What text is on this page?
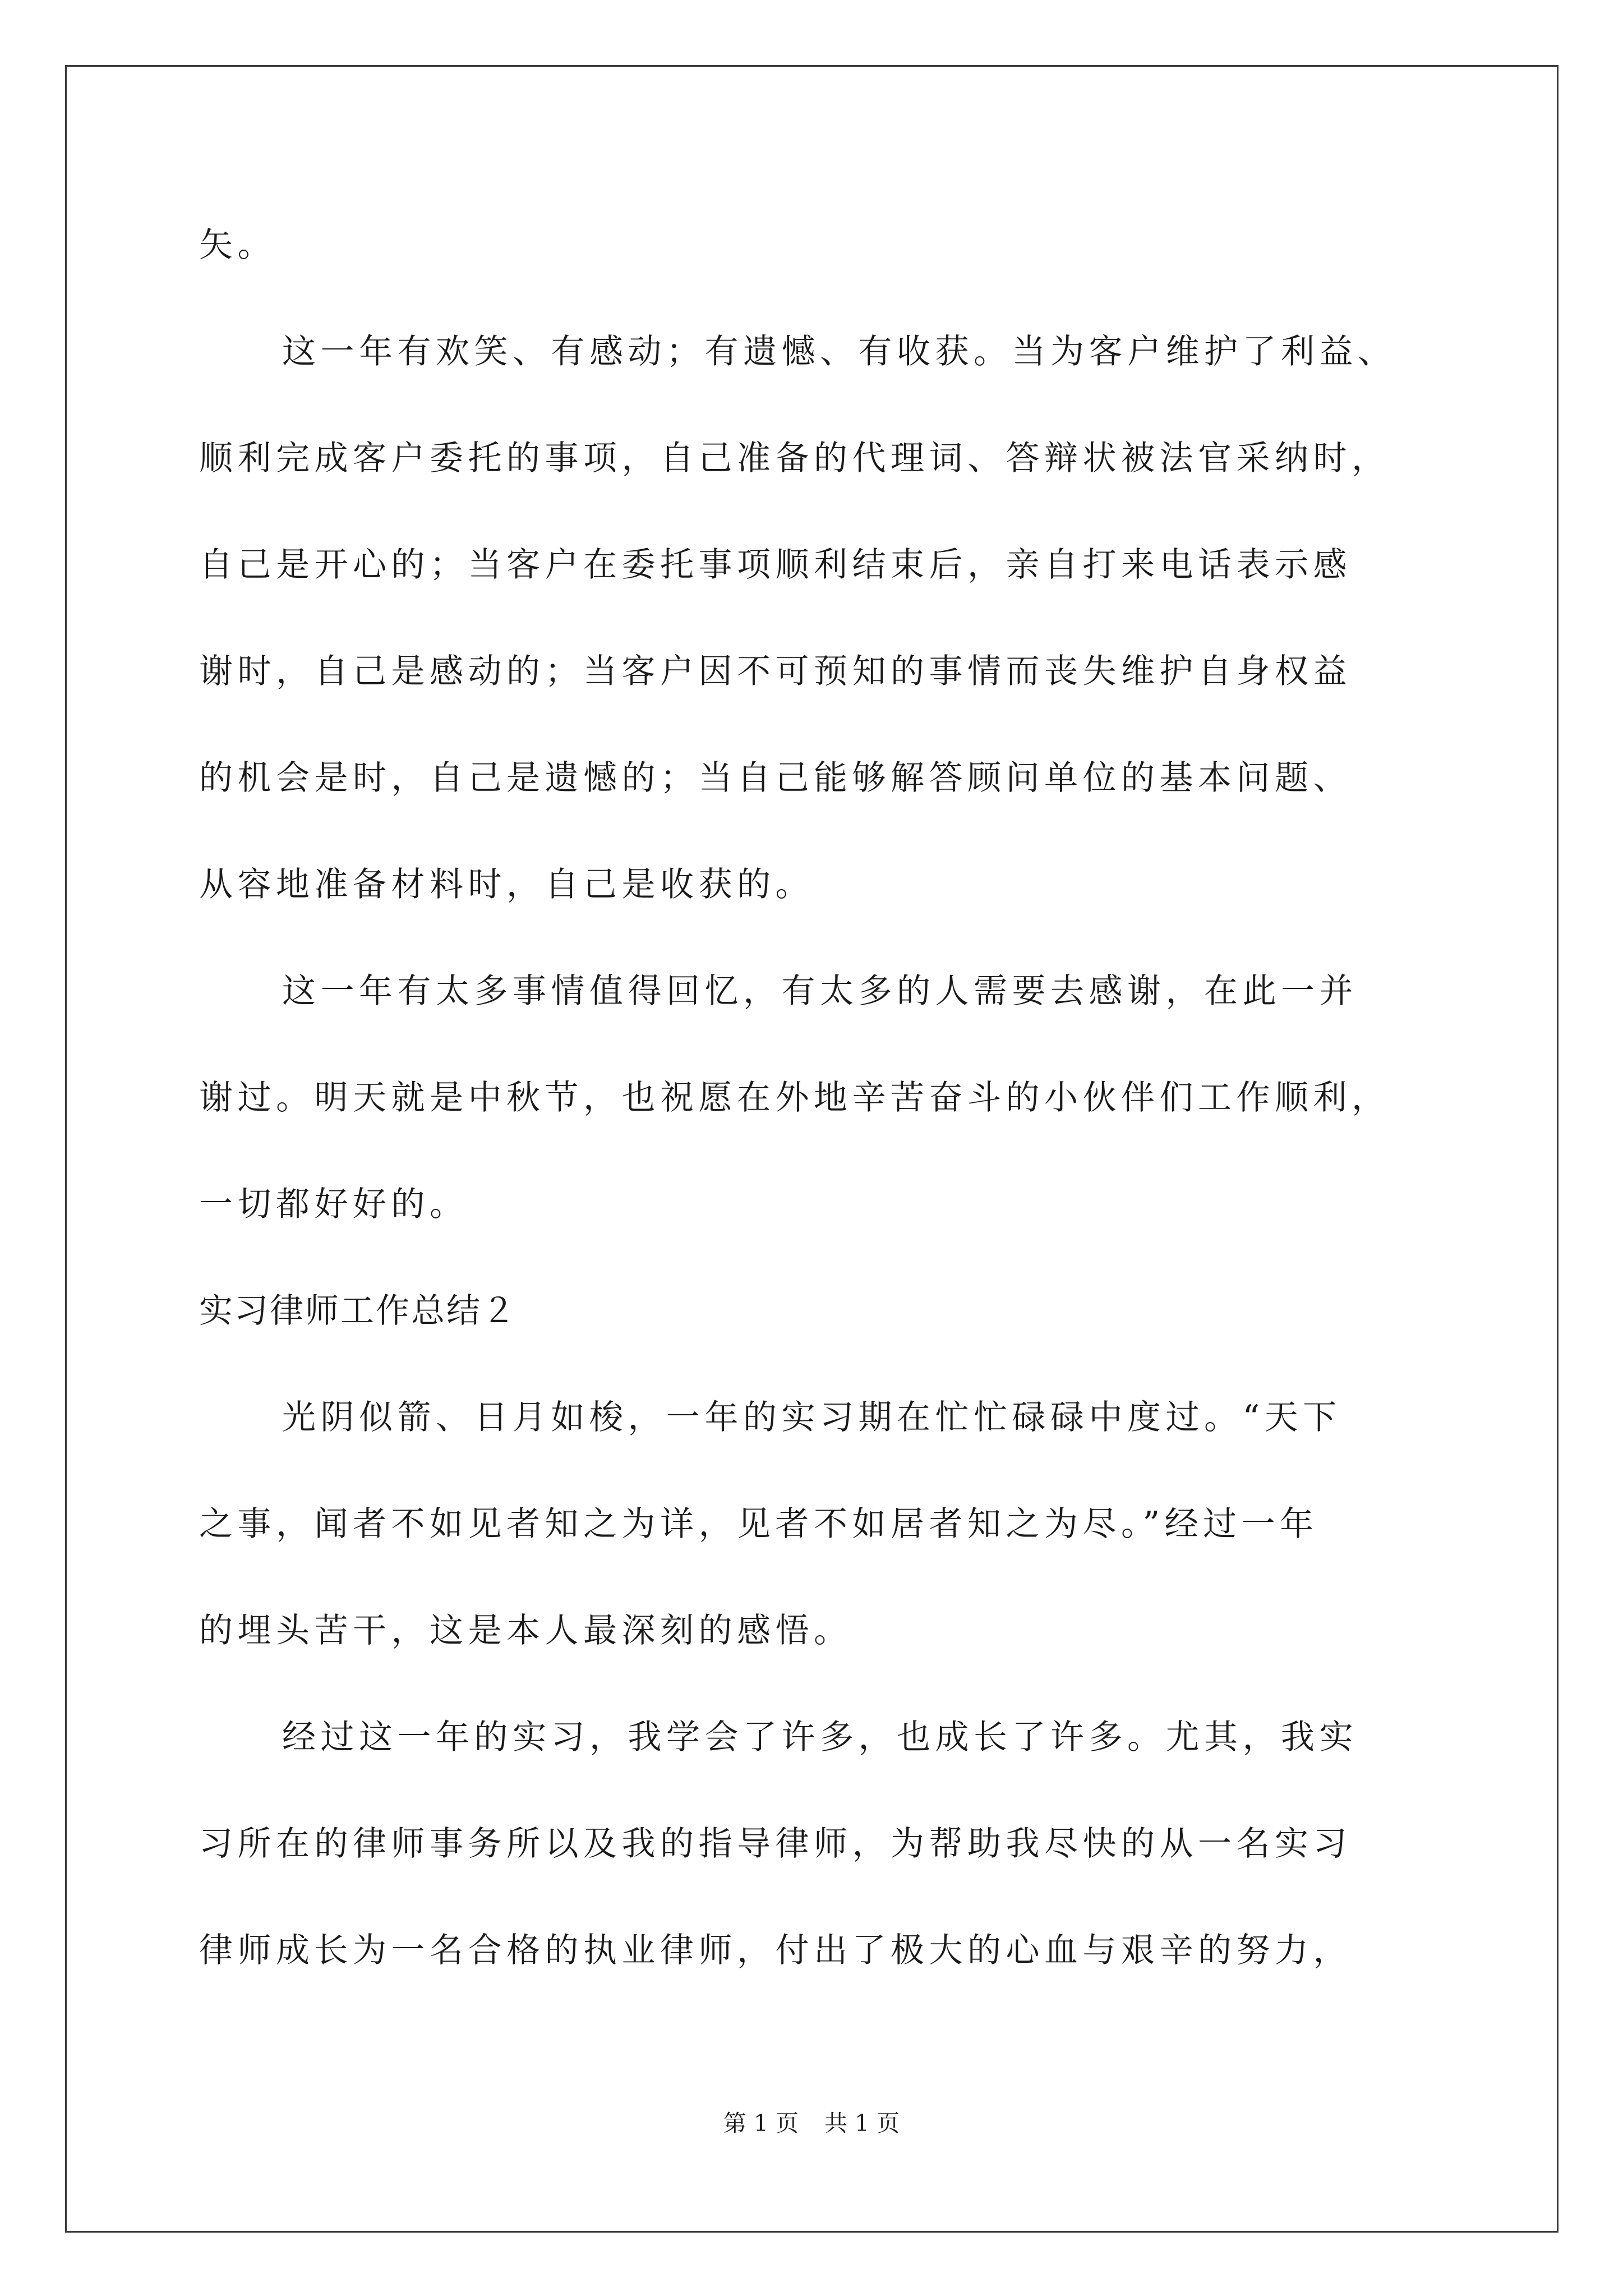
矢。
这一年有欢笑、有感动；有遗憾、有收获。当为客户维护了利益、
顺利完成客户委托的事项，自己准备的代理词、答辩状被法官采纳时，
自己是开心的；当客户在委托事项顺利结束后，亲自打来电话表示感
谢时，自己是感动的；当客户因不可预知的事情而丧失维护自身权益
的机会是时，自己是遗憾的；当自己能够解答顾问单位的基本问题、
从容地准备材料时，自己是收获的。
这一年有太多事情值得回忆，有太多的人需要去感谢，在此一并
谢过。明天就是中秋节，也祝愿在外地辛苦奋斗的小伙伴们工作顺利，
一切都好好的。
实习律师工作总结２
光阴似箭、日月如梭，一年的实习期在忙忙碌碌中度过。“天下
之事，闻者不如见者知之为详，见者不如居者知之为尽。”经过一年
的埋头苦干，这是本人最深刻的感悟。
经过这一年的实习，我学会了许多，也成长了许多。尤其，我实
习所在的律师事务所以及我的指导律师，为帮助我尽快的从一名实习
律师成长为一名合格的执业律师，付出了极大的心血与艰辛的努力，
第 1 页 共 1 页
